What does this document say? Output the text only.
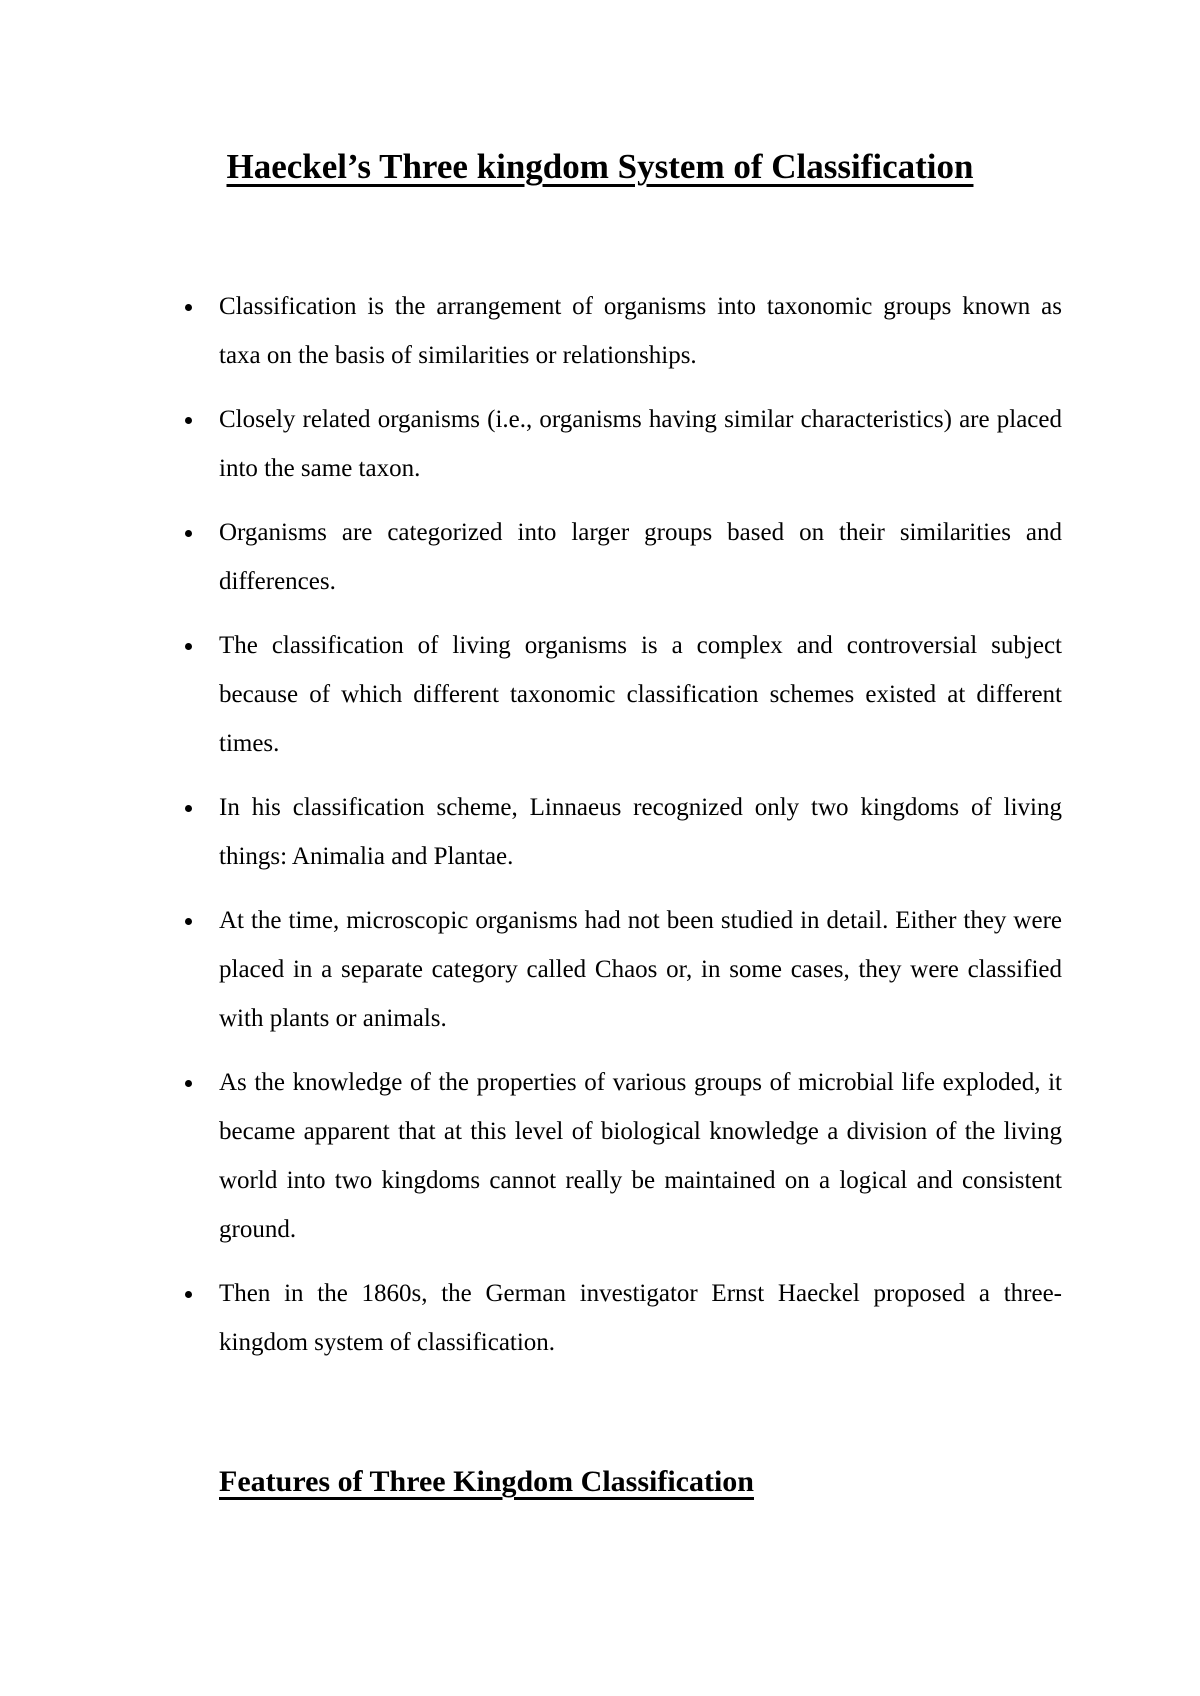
Haeckel’s Three kingdom System of Classification
Classification is the arrangement of organisms into taxonomic groups known as taxa on the basis of similarities or relationships.
Closely related organisms (i.e., organisms having similar characteristics) are placed into the same taxon.
Organisms are categorized into larger groups based on their similarities and differences.
The classification of living organisms is a complex and controversial subject because of which different taxonomic classification schemes existed at different times.
In his classification scheme, Linnaeus recognized only two kingdoms of living things: Animalia and Plantae.
At the time, microscopic organisms had not been studied in detail. Either they were placed in a separate category called Chaos or, in some cases, they were classified with plants or animals.
As the knowledge of the properties of various groups of microbial life exploded, it became apparent that at this level of biological knowledge a division of the living world into two kingdoms cannot really be maintained on a logical and consistent ground.
Then in the 1860s, the German investigator Ernst Haeckel proposed a three-kingdom system of classification.
Features of Three Kingdom Classification
